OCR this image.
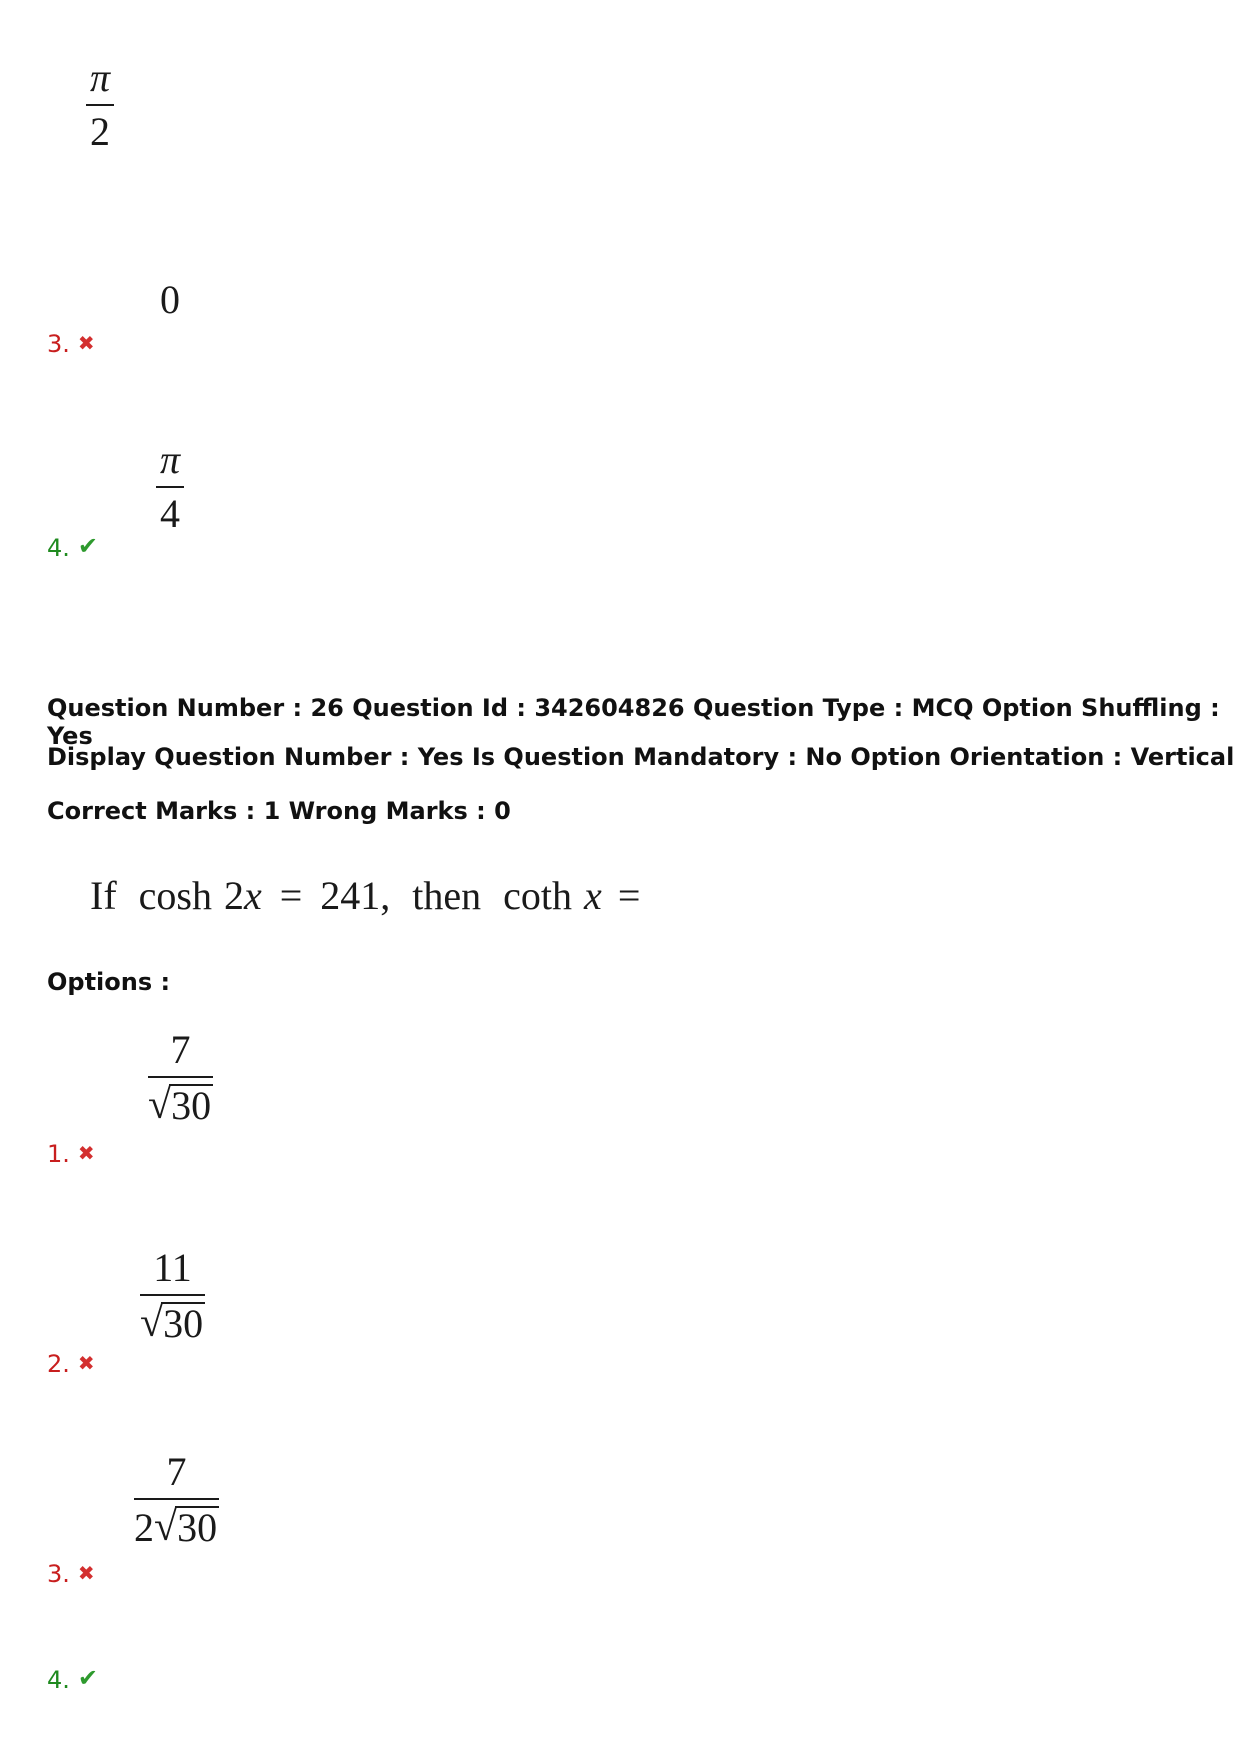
$\frac{\pi}{2}$
0
3. ✖
$\frac{\pi}{4}$
4. ✔
Question Number : 26 Question Id : 342604826 Question Type : MCQ Option Shuffling : Yes
Display Question Number : Yes Is Question Mandatory : No Option Orientation : Vertical
Correct Marks : 1 Wrong Marks : 0
If cosh 2x = 241, then coth x =
Options :
$\frac{7}{√ 30}$
1. ✖
$\frac{11}{√ 30}$
2. ✖
$\frac{7}{2 √ 30}$
3. ✖
4. ✔
